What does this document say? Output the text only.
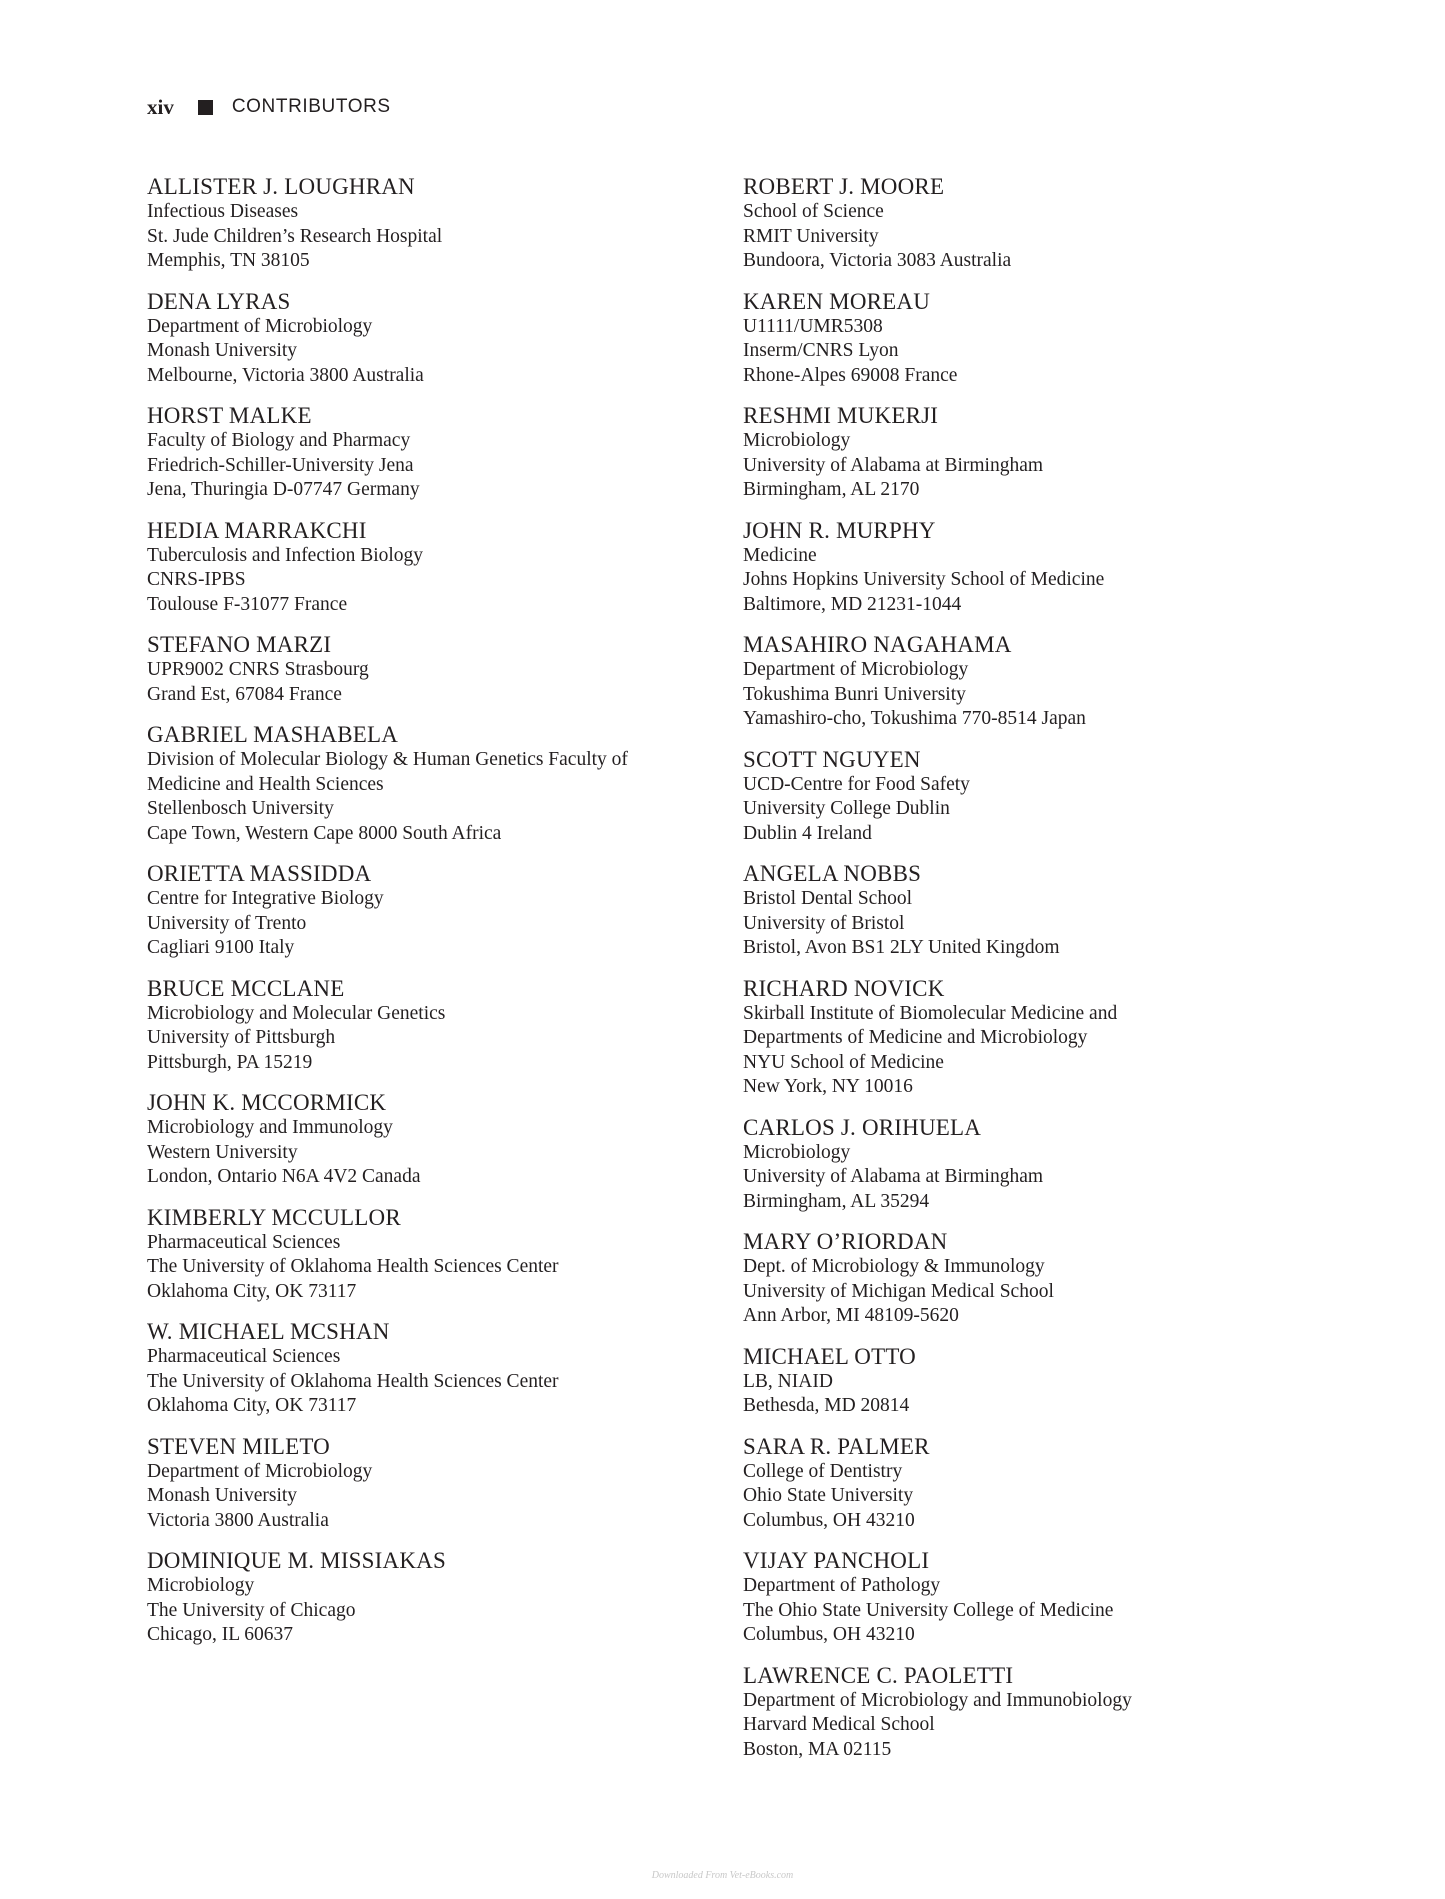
xiv	CONTRIBUTORS
ALLISTER J. LOUGHRAN
Infectious Diseases
St. Jude Children’s Research Hospital
Memphis, TN 38105
DENA LYRAS
Department of Microbiology
Monash University
Melbourne, Victoria 3800 Australia
HORST MALKE
Faculty of Biology and Pharmacy
Friedrich-Schiller-University Jena
Jena, Thuringia D-07747 Germany
HEDIA MARRAKCHI
Tuberculosis and Infection Biology
CNRS-IPBS
Toulouse F-31077 France
STEFANO MARZI
UPR9002 CNRS Strasbourg
Grand Est, 67084 France
GABRIEL MASHABELA
Division of Molecular Biology & Human Genetics Faculty of
Medicine and Health Sciences
Stellenbosch University
Cape Town, Western Cape 8000 South Africa
ORIETTA MASSIDDA
Centre for Integrative Biology
University of Trento
Cagliari 9100 Italy
BRUCE MCCLANE
Microbiology and Molecular Genetics
University of Pittsburgh
Pittsburgh, PA 15219
JOHN K. MCCORMICK
Microbiology and Immunology
Western University
London, Ontario N6A 4V2 Canada
KIMBERLY MCCULLOR
Pharmaceutical Sciences
The University of Oklahoma Health Sciences Center
Oklahoma City, OK 73117
W. MICHAEL MCSHAN
Pharmaceutical Sciences
The University of Oklahoma Health Sciences Center
Oklahoma City, OK 73117
STEVEN MILETO
Department of Microbiology
Monash University
Victoria 3800 Australia
DOMINIQUE M. MISSIAKAS
Microbiology
The University of Chicago
Chicago, IL 60637
ROBERT J. MOORE
School of Science
RMIT University
Bundoora, Victoria 3083 Australia
KAREN MOREAU
U1111/UMR5308
Inserm/CNRS Lyon
Rhone-Alpes 69008 France
RESHMI MUKERJI
Microbiology
University of Alabama at Birmingham
Birmingham, AL 2170
JOHN R. MURPHY
Medicine
Johns Hopkins University School of Medicine
Baltimore, MD 21231-1044
MASAHIRO NAGAHAMA
Department of Microbiology
Tokushima Bunri University
Yamashiro-cho, Tokushima 770-8514 Japan
SCOTT NGUYEN
UCD-Centre for Food Safety
University College Dublin
Dublin 4 Ireland
ANGELA NOBBS
Bristol Dental School
University of Bristol
Bristol, Avon BS1 2LY United Kingdom
RICHARD NOVICK
Skirball Institute of Biomolecular Medicine and
Departments of Medicine and Microbiology
NYU School of Medicine
New York, NY 10016
CARLOS J. ORIHUELA
Microbiology
University of Alabama at Birmingham
Birmingham, AL 35294
MARY O’RIORDAN
Dept. of Microbiology & Immunology
University of Michigan Medical School
Ann Arbor, MI 48109-5620
MICHAEL OTTO
LB, NIAID
Bethesda, MD 20814
SARA R. PALMER
College of Dentistry
Ohio State University
Columbus, OH 43210
VIJAY PANCHOLI
Department of Pathology
The Ohio State University College of Medicine
Columbus, OH 43210
LAWRENCE C. PAOLETTI
Department of Microbiology and Immunobiology
Harvard Medical School
Boston, MA 02115
Downloaded From Vet-eBooks.com
